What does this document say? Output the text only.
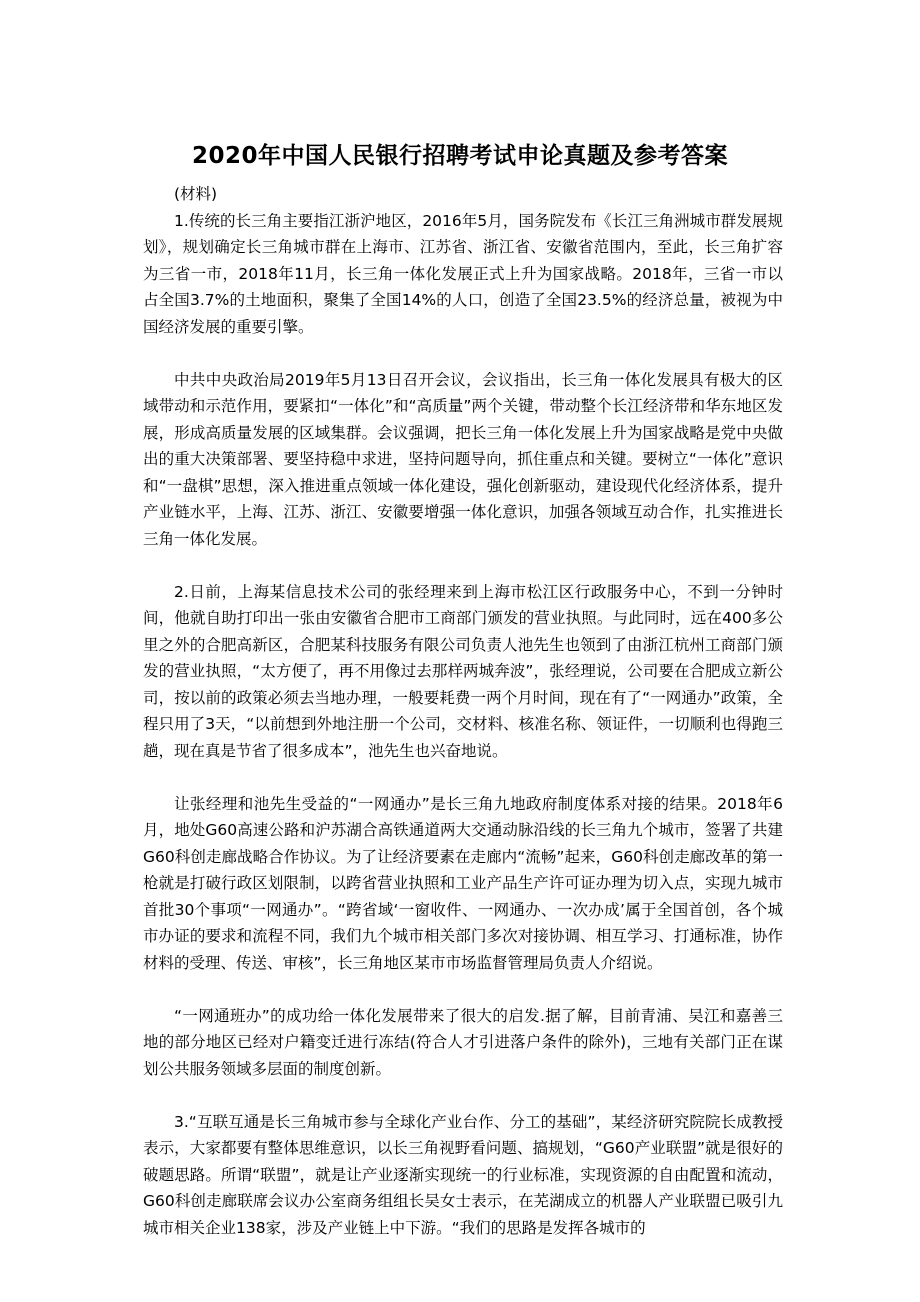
2020年中国人民银行招聘考试申论真题及参考答案

(材料)

1.传统的长三角主要指江浙沪地区，2016年5月，国务院发布《长江三角洲城市群发展规划》，规划确定长三角城市群在上海市、江苏省、浙江省、安徽省范围内，至此，长三角扩容为三省一市，2018年11月，长三角一体化发展正式上升为国家战略。2018年，三省一市以占全国3.7%的土地面积，聚集了全国14%的人口，创造了全国23.5%的经济总量，被视为中国经济发展的重要引擎。

中共中央政治局2019年5月13日召开会议，会议指出，长三角一体化发展具有极大的区域带动和示范作用，要紧扣“一体化”和“高质量”两个关键，带动整个长江经济带和华东地区发展，形成高质量发展的区域集群。会议强调，把长三角一体化发展上升为国家战略是党中央做出的重大决策部署、要坚持稳中求进，坚持问题导向，抓住重点和关键。要树立“一体化”意识和“一盘棋”思想，深入推进重点领域一体化建设，强化创新驱动，建设现代化经济体系，提升产业链水平，上海、江苏、浙江、安徽要增强一体化意识，加强各领域互动合作，扎实推进长三角一体化发展。

2.日前，上海某信息技术公司的张经理来到上海市松江区行政服务中心，不到一分钟时间，他就自助打印出一张由安徽省合肥市工商部门颁发的营业执照。与此同时，远在400多公里之外的合肥高新区，合肥某科技服务有限公司负责人池先生也领到了由浙江杭州工商部门颁发的营业执照，“太方便了，再不用像过去那样两城奔波”，张经理说，公司要在合肥成立新公司，按以前的政策必须去当地办理，一般要耗费一两个月时间，现在有了“一网通办”政策，全程只用了3天，“以前想到外地注册一个公司，交材料、核准名称、领证件，一切顺利也得跑三趟，现在真是节省了很多成本”，池先生也兴奋地说。

让张经理和池先生受益的“一网通办”是长三角九地政府制度体系对接的结果。2018年6月，地处G60高速公路和沪苏湖合高铁通道两大交通动脉沿线的长三角九个城市，签署了共建G60科创走廊战略合作协议。为了让经济要素在走廊内“流畅”起来，G60科创走廊改革的第一枪就是打破行政区划限制，以跨省营业执照和工业产品生产许可证办理为切入点，实现九城市首批30个事项“一网通办”。“跨省域‘一窗收件、一网通办、一次办成’属于全国首创，各个城市办证的要求和流程不同，我们九个城市相关部门多次对接协调、相互学习、打通标准，协作材料的受理、传送、审核”，长三角地区某市市场监督管理局负责人介绍说。

“一网通班办”的成功给一体化发展带来了很大的启发.据了解，目前青浦、吴江和嘉善三地的部分地区已经对户籍变迁进行冻结(符合人才引进落户条件的除外)，三地有关部门正在谋划公共服务领域多层面的制度创新。

3.“互联互通是长三角城市参与全球化产业台作、分工的基础”，某经济研究院院长成教授表示，大家都要有整体思维意识，以长三角视野看问题、搞规划，“G60产业联盟”就是很好的破题思路。所谓“联盟”，就是让产业逐渐实现统一的行业标准，实现资源的自由配置和流动，G60科创走廊联席会议办公室商务组组长吴女士表示，在芜湖成立的机器人产业联盟已吸引九城市相关企业138家，涉及产业链上中下游。“我们的思路是发挥各城市的
